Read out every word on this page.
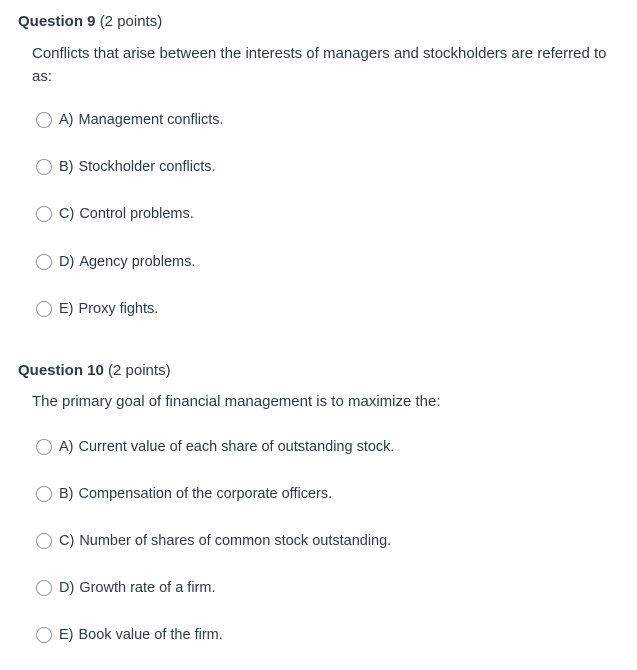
Question 9 (2 points)
Conflicts that arise between the interests of managers and stockholders are referred to as:
A) Management conflicts.
B) Stockholder conflicts.
C) Control problems.
D) Agency problems.
E) Proxy fights.
Question 10 (2 points)
The primary goal of financial management is to maximize the:
A) Current value of each share of outstanding stock.
B) Compensation of the corporate officers.
C) Number of shares of common stock outstanding.
D) Growth rate of a firm.
E) Book value of the firm.
